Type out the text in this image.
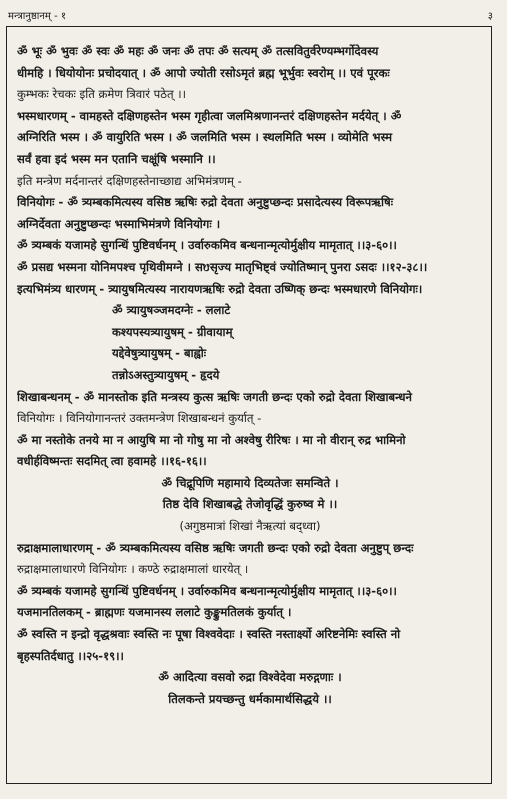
मन्त्रानुष्ठानम् - १	३
ॐ भूः ॐ भुवः ॐ स्वः ॐ महः ॐ जनः ॐ तपः ॐ सत्यम् ॐ तत्सवितुर्वरेण्यम्भर्गोदेवस्य
धीमहि । धियोयोनः प्रचोदयात् । ॐ आपो ज्योती रसोऽमृतं ब्रह्म भूर्भुवः स्वरोम् ।। एवं पूरकः
कुम्भकः रेचकः इति क्रमेण त्रिवारं पठेत् ।।
भस्मधारणम् - वामहस्ते दक्षिणहस्तेन भस्म गृहीत्वा जलमिश्रणानन्तरं दक्षिणहस्तेन मर्दयेत् । ॐ
अग्निरिति भस्म । ॐ वायुरिति भस्म । ॐ जलमिति भस्म । स्थलमिति भस्म । व्योमेति भस्म
सर्वं हवा इदं भस्म मन एतानि चक्षूंषि भस्मानि ।।
इति मन्त्रेण मर्दनान्तरं दक्षिणहस्तेनाच्छाद्य अभिमंत्रणम् -
विनियोगः - ॐ त्र्यम्बकमित्यस्य वसिष्ठ ऋषिः रुद्रो देवता अनुष्टुप्छन्दः प्रसादेत्यस्य विरूपऋषिः
अग्निर्देवता अनुष्टुप्छन्दः भस्माभिमंत्रणे विनियोगः ।
ॐ त्र्यम्बकं यजामहे सुगन्धिं पुष्टिवर्धनम् । उर्वारुकमिव बन्धनान्मृत्योर्मुक्षीय मामृतात् ।।३-६०।।
ॐ प्रसद्य भस्मना योनिमपश्च पृथिवीमग्ने । सᳪसृज्य मातृभिष्ट्वं ज्योतिष्मान् पुनरा ऽसदः ।।१२-३८।।
इत्यभिमंत्र्य धारणम् - त्र्यायुषमित्यस्य नारायणऋषिः रुद्रो देवता उष्णिक् छन्दः भस्मधारणे विनियोगः।
ॐ त्र्यायुषञ्जमदग्नेः - ललाटे
कश्यपस्यत्र्यायुषम् - ग्रीवायाम्
यद्देवेषुत्र्यायुषम् - बाह्वोः
तन्नोऽअस्तुत्र्यायुषम् - हृदये
शिखाबन्धनम् - ॐ मानस्तोक इति मन्त्रस्य कुत्स ऋषिः जगती छन्दः एको रुद्रो देवता शिखाबन्धने
विनियोगः । विनियोगानन्तरं उक्तमन्त्रेण शिखाबन्धनं कुर्यात् -
ॐ मा नस्तोके तनये मा न आयुषि मा नो गोषु मा नो अश्वेषु रीरिषः । मा नो वीरान् रुद्र भामिनो
वधीर्हविष्मन्तः सदमित् त्वा हवामहे ।।१६-१६।।
ॐ चिद्रूपिणि महामाये दिव्यतेजः समन्विते ।
तिष्ठ देवि शिखाबद्धे तेजोवृद्धिं कुरुष्व मे ।।
(अगुष्ठमात्रां शिखां नैऋत्यां बद्ध्वा)
रुद्राक्षमालाधारणम् - ॐ त्र्यम्बकमित्यस्य वसिष्ठ ऋषिः जगती छन्दः एको रुद्रो देवता अनुष्टुप् छन्दः
रुद्राक्षमालाधारणे विनियोगः । कण्ठे रुद्राक्षमालां धारयेत् ।
ॐ त्र्यम्बकं यजामहे सुगन्धिं पुष्टिवर्धनम् । उर्वारुकमिव बन्धनान्मृत्योर्मुक्षीय मामृतात् ।।३-६०।।
यजमानतिलकम् - ब्राह्मणः यजमानस्य ललाटे कुङ्कुमतिलकं कुर्यात् ।
ॐ स्वस्ति न इन्द्रो वृद्धश्रवाः स्वस्ति नः पूषा विश्ववेदाः । स्वस्ति नस्तार्क्ष्यो अरिष्टनेमिः स्वस्ति नो
बृहस्पतिर्दधातु ।।२५-१९।।
ॐ आदित्या वसवो रुद्रा विश्वेदेवा मरुद्गणाः ।
तिलकन्ते प्रयच्छन्तु धर्मकामार्थसिद्धये ।।
